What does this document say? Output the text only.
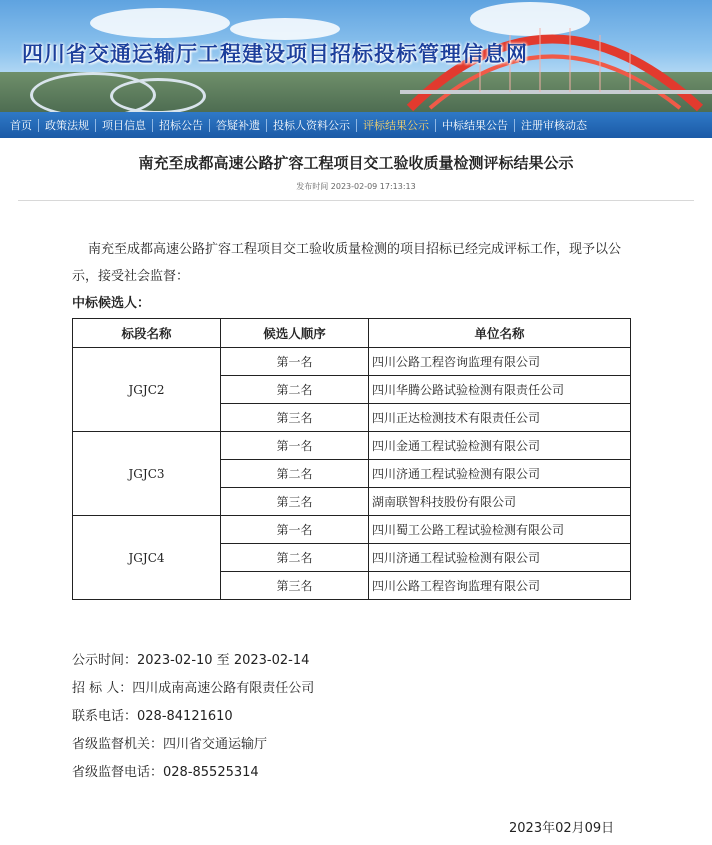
四川省交通运输厅工程建设项目招标投标管理信息网
首页	政策法规	项目信息	招标公告	答疑补遗	投标人资料公示	评标结果公示	中标结果公告	注册审核动态
南充至成都高速公路扩容工程项目交工验收质量检测评标结果公示
发布时间 2023-02-09 17:13:13
南充至成都高速公路扩容工程项目交工验收质量检测的项目招标已经完成评标工作，现予以公示，接受社会监督：
中标候选人：
标段名称	候选人顺序	单位名称
JGJC2	第一名	四川公路工程咨询监理有限公司
	第二名	四川华腾公路试验检测有限责任公司
	第三名	四川正达检测技术有限责任公司
JGJC3	第一名	四川金通工程试验检测有限公司
	第二名	四川济通工程试验检测有限公司
	第三名	湖南联智科技股份有限公司
JGJC4	第一名	四川蜀工公路工程试验检测有限公司
	第二名	四川济通工程试验检测有限公司
	第三名	四川公路工程咨询监理有限公司
公示时间：2023-02-10 至 2023-02-14
招 标 人：四川成南高速公路有限责任公司
联系电话：028-84121610
省级监督机关：四川省交通运输厅
省级监督电话：028-85525314
2023年02月09日
